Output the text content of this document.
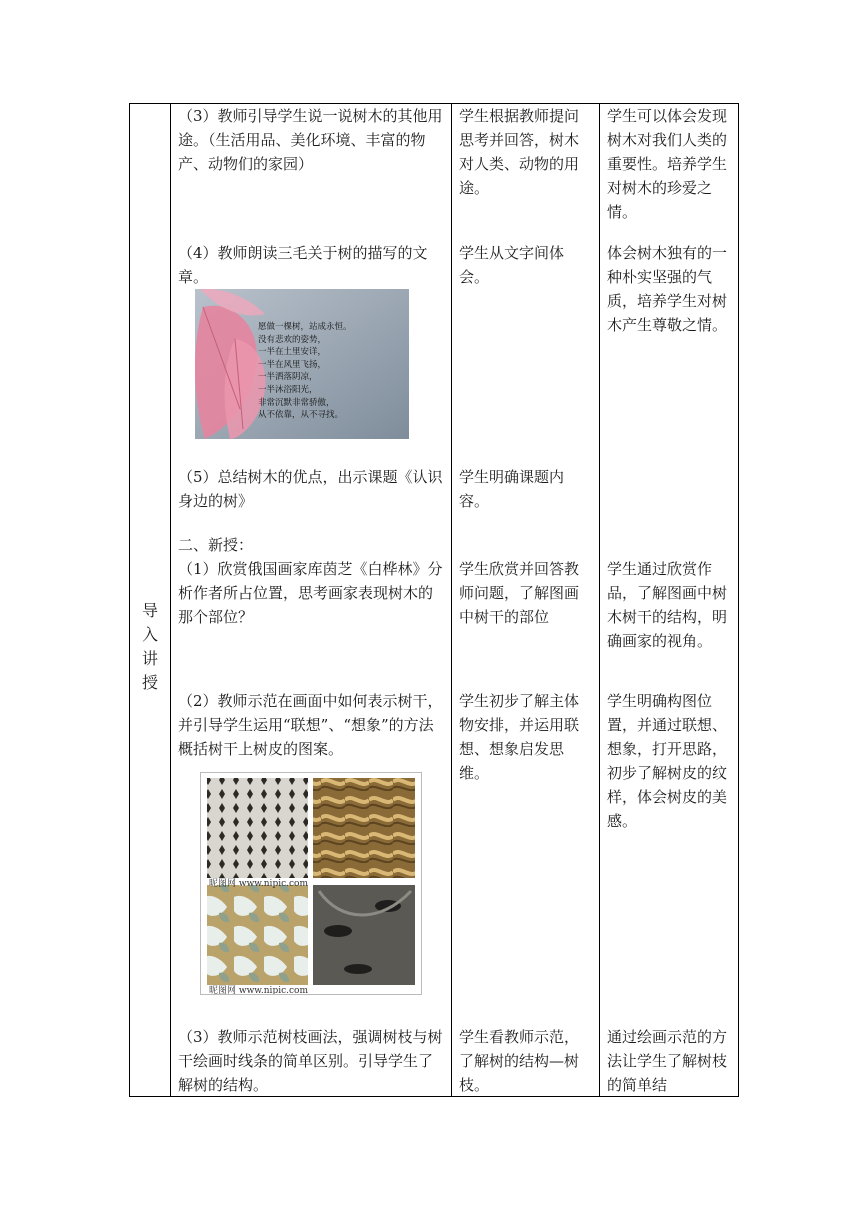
导
入
讲
授
（3）教师引导学生说一说树木的其他用途。（生活用品、美化环境、丰富的物产、动物们的家园）
学生根据教师提问思考并回答，树木对人类、动物的用途。
学生可以体会发现树木对我们人类的重要性。培养学生对树木的珍爱之情。
（4）教师朗读三毛关于树的描写的文章。
学生从文字间体会。
体会树木独有的一种朴实坚强的气质，培养学生对树木产生尊敬之情。
愿做一棵树，站成永恒。
没有悲欢的姿势，
一半在土里安详，
一半在风里飞扬，
一半洒落阴凉，
一半沐浴阳光，
非常沉默非常骄傲，
从不依靠，从不寻找。
（5）总结树木的优点，出示课题《认识身边的树》
学生明确课题内容。
二、新授：
（1）欣赏俄国画家库茵芝《白桦林》分析作者所占位置，思考画家表现树木的那个部位？
学生欣赏并回答教师问题，了解图画中树干的部位
学生通过欣赏作品，了解图画中树木树干的结构，明确画家的视角。
（2）教师示范在画面中如何表示树干，并引导学生运用“联想”、“想象”的方法概括树干上树皮的图案。
学生初步了解主体物安排，并运用联想、想象启发思维。
学生明确构图位置，并通过联想、想象，打开思路，初步了解树皮的纹样，体会树皮的美感。
昵图网 www.nipic.com
昵图网 www.nipic.com
（3）教师示范树枝画法，强调树枝与树干绘画时线条的简单区别。引导学生了解树的结构。
学生看教师示范，了解树的结构—树枝。
通过绘画示范的方法让学生了解树枝的简单结
